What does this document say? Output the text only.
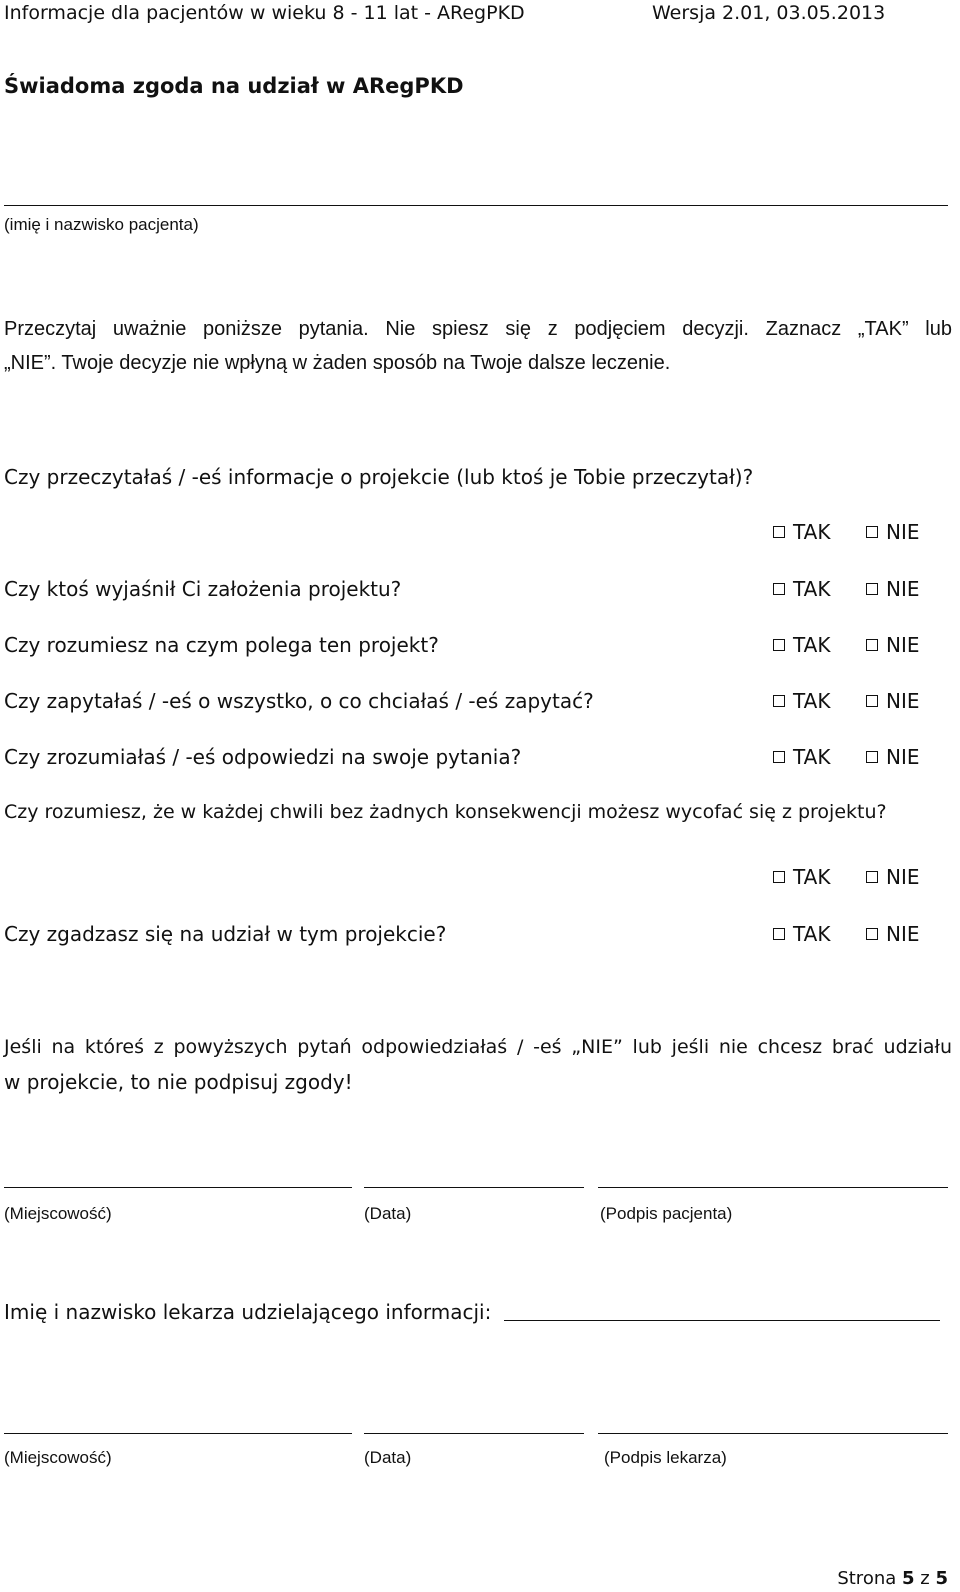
Informacje dla pacjentów w wieku 8 - 11 lat - ARegPKD	Wersja 2.01, 03.05.2013
Świadoma zgoda na udział w ARegPKD
(imię i nazwisko pacjenta)
Przeczytaj uważnie poniższe pytania. Nie spiesz się z podjęciem decyzji. Zaznacz „TAK” lub
„NIE”. Twoje decyzje nie wpłyną w żaden sposób na Twoje dalsze leczenie.
Czy przeczytałaś / -eś informacje o projekcie (lub ktoś je Tobie przeczytał)?
TAK	NIE
Czy ktoś wyjaśnił Ci założenia projektu?	TAK	NIE
Czy rozumiesz na czym polega ten projekt?	TAK	NIE
Czy zapytałaś / -eś o wszystko, o co chciałaś / -eś zapytać?	TAK	NIE
Czy zrozumiałaś / -eś odpowiedzi na swoje pytania?	TAK	NIE
Czy rozumiesz, że w każdej chwili bez żadnych konsekwencji możesz wycofać się z projektu?
TAK	NIE
Czy zgadzasz się na udział w tym projekcie?	TAK	NIE
Jeśli na któreś z powyższych pytań odpowiedziałaś / -eś „NIE” lub jeśli nie chcesz brać udziału
w projekcie, to nie podpisuj zgody!
(Miejscowość)	(Data)	(Podpis pacjenta)
Imię i nazwisko lekarza udzielającego informacji:
(Miejscowość)	(Data)	(Podpis lekarza)
Strona 5 z 5
